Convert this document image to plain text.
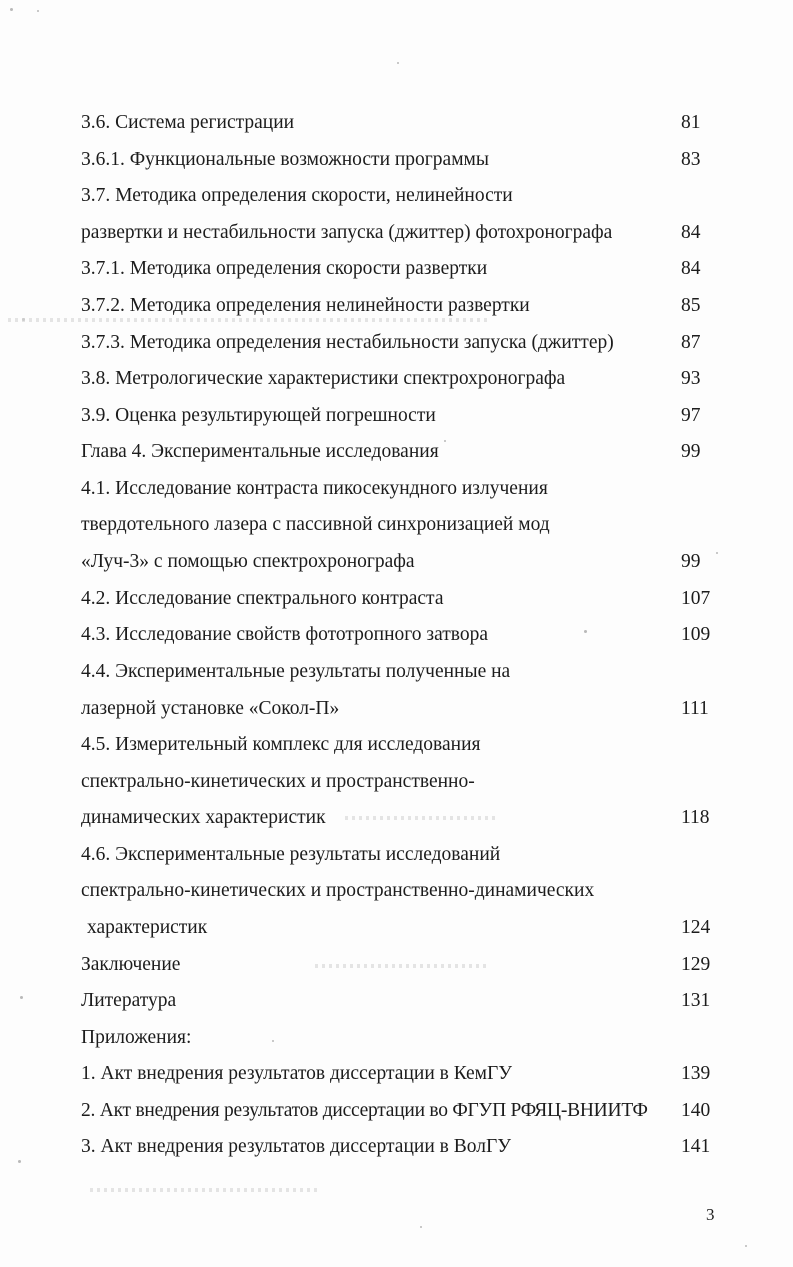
3.6. Система регистрации	81
3.6.1. Функциональные возможности программы	83
3.7. Методика определения скорости, нелинейности
развертки и нестабильности запуска (джиттер) фотохронографа	84
3.7.1. Методика определения скорости развертки	84
3.7.2. Методика определения нелинейности развертки	85
3.7.3. Методика определения нестабильности запуска (джиттер)	87
3.8. Метрологические характеристики спектрохронографа	93
3.9. Оценка результирующей погрешности	97
Глава 4. Экспериментальные исследования	99
4.1. Исследование контраста пикосекундного излучения
твердотельного лазера с пассивной синхронизацией мод
«Луч-3» с помощью спектрохронографа	99
4.2. Исследование спектрального контраста	107
4.3. Исследование свойств фототропного затвора	109
4.4. Экспериментальные результаты полученные на
лазерной установке «Сокол-П»	111
4.5. Измерительный комплекс для исследования
спектрально-кинетических и пространственно-
динамических характеристик	118
4.6. Экспериментальные результаты исследований
спектрально-кинетических и пространственно-динамических
характеристик	124
Заключение	129
Литература	131
Приложения:
1. Акт внедрения результатов диссертации в КемГУ	139
2. Акт внедрения результатов диссертации во ФГУП РФЯЦ-ВНИИТФ 140
3. Акт внедрения результатов диссертации в ВолГУ	141
3
